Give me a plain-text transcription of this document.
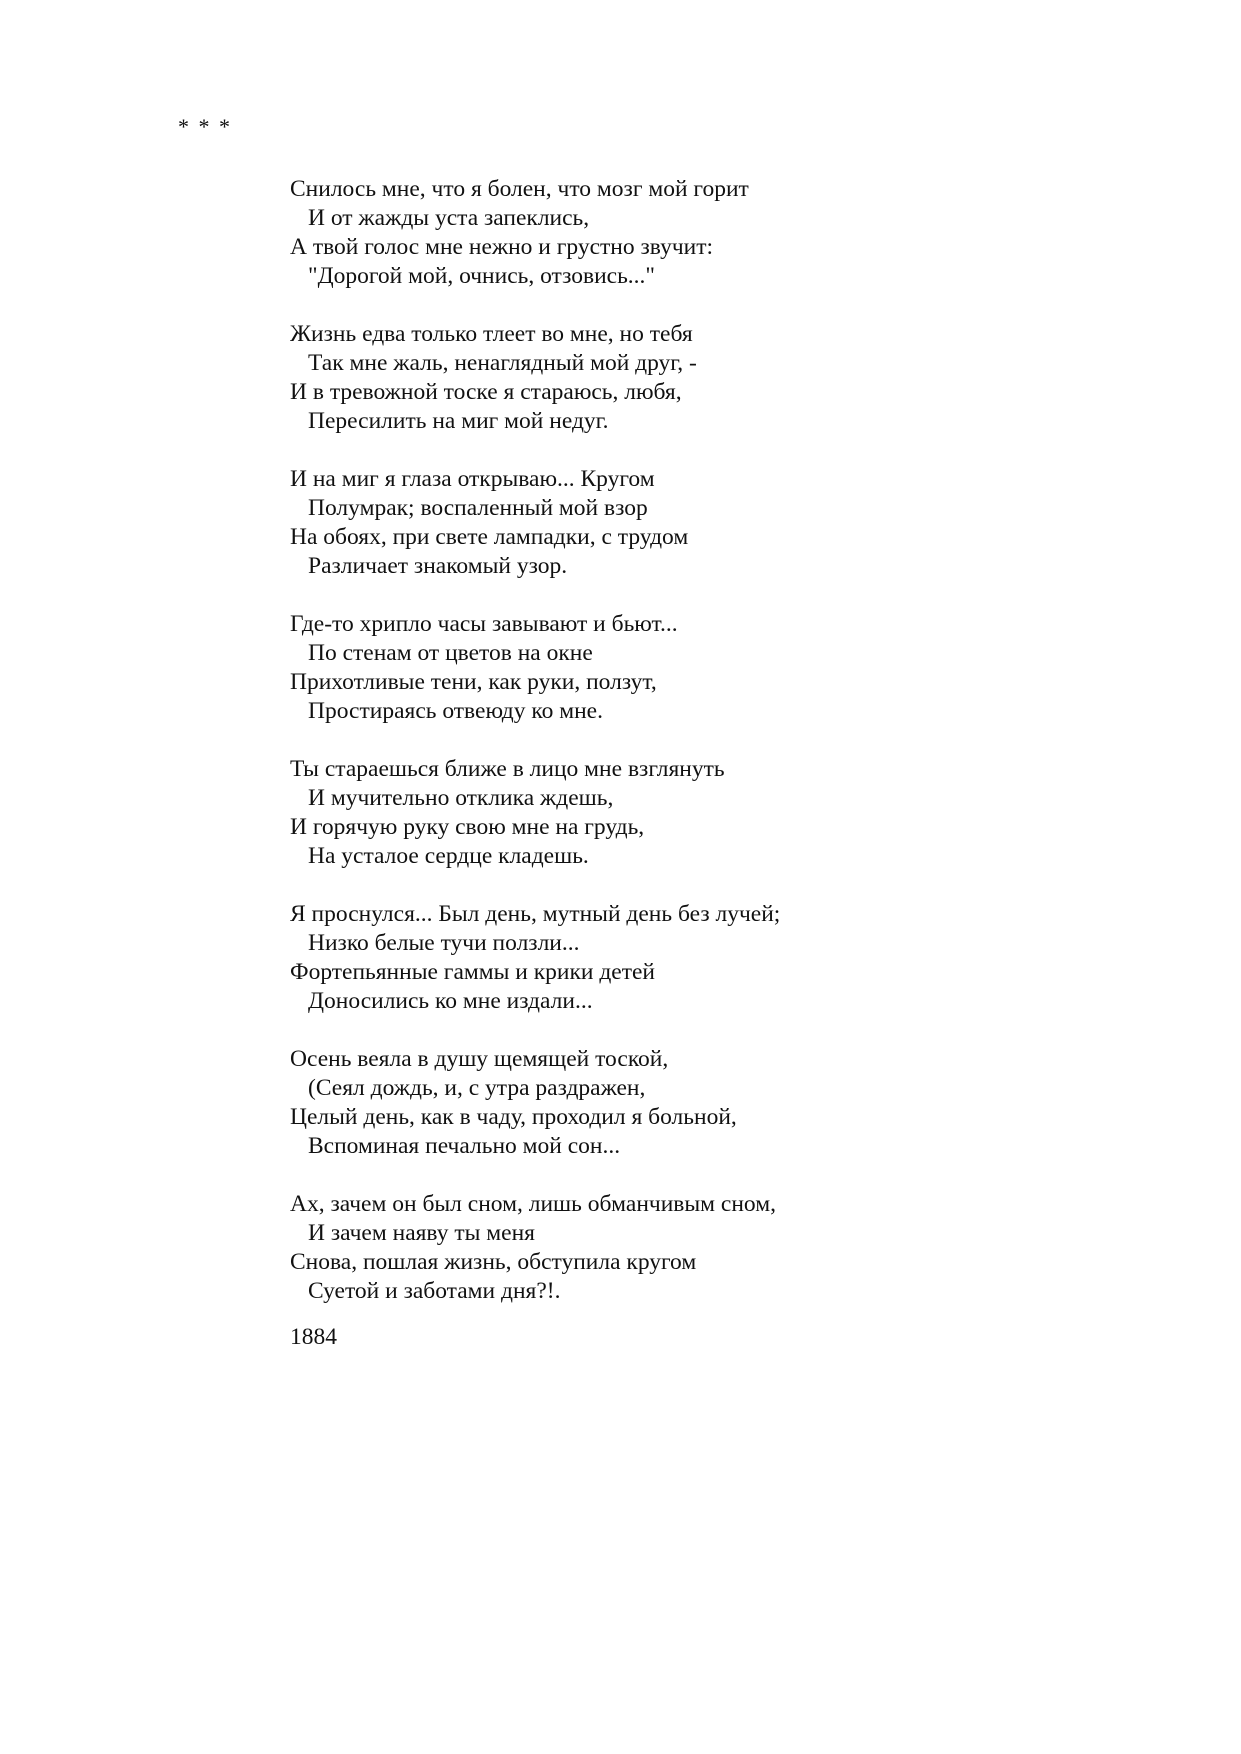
* * *
Снилось мне, что я болен, что мозг мой горит
И от жажды уста запеклись,
А твой голос мне нежно и грустно звучит:
"Дорогой мой, очнись, отзовись..."
Жизнь едва только тлеет во мне, но тебя
Так мне жаль, ненаглядный мой друг, -
И в тревожной тоске я стараюсь, любя,
Пересилить на миг мой недуг.
И на миг я глаза открываю... Кругом
Полумрак; воспаленный мой взор
На обоях, при свете лампадки, с трудом
Различает знакомый узор.
Где-то хрипло часы завывают и бьют...
По стенам от цветов на окне
Прихотливые тени, как руки, ползут,
Простираясь отвеюду ко мне.
Ты стараешься ближе в лицо мне взглянуть
И мучительно отклика ждешь,
И горячую руку свою мне на грудь,
На усталое сердце кладешь.
Я проснулся... Был день, мутный день без лучей;
Низко белые тучи ползли...
Фортепьянные гаммы и крики детей
Доносились ко мне издали...
Осень веяла в душу щемящей тоской,
(Сеял дождь, и, с утра раздражен,
Целый день, как в чаду, проходил я больной,
Вспоминая печально мой сон...
Ах, зачем он был сном, лишь обманчивым сном,
И зачем наяву ты меня
Снова, пошлая жизнь, обступила кругом
Суетой и заботами дня?!.
1884
